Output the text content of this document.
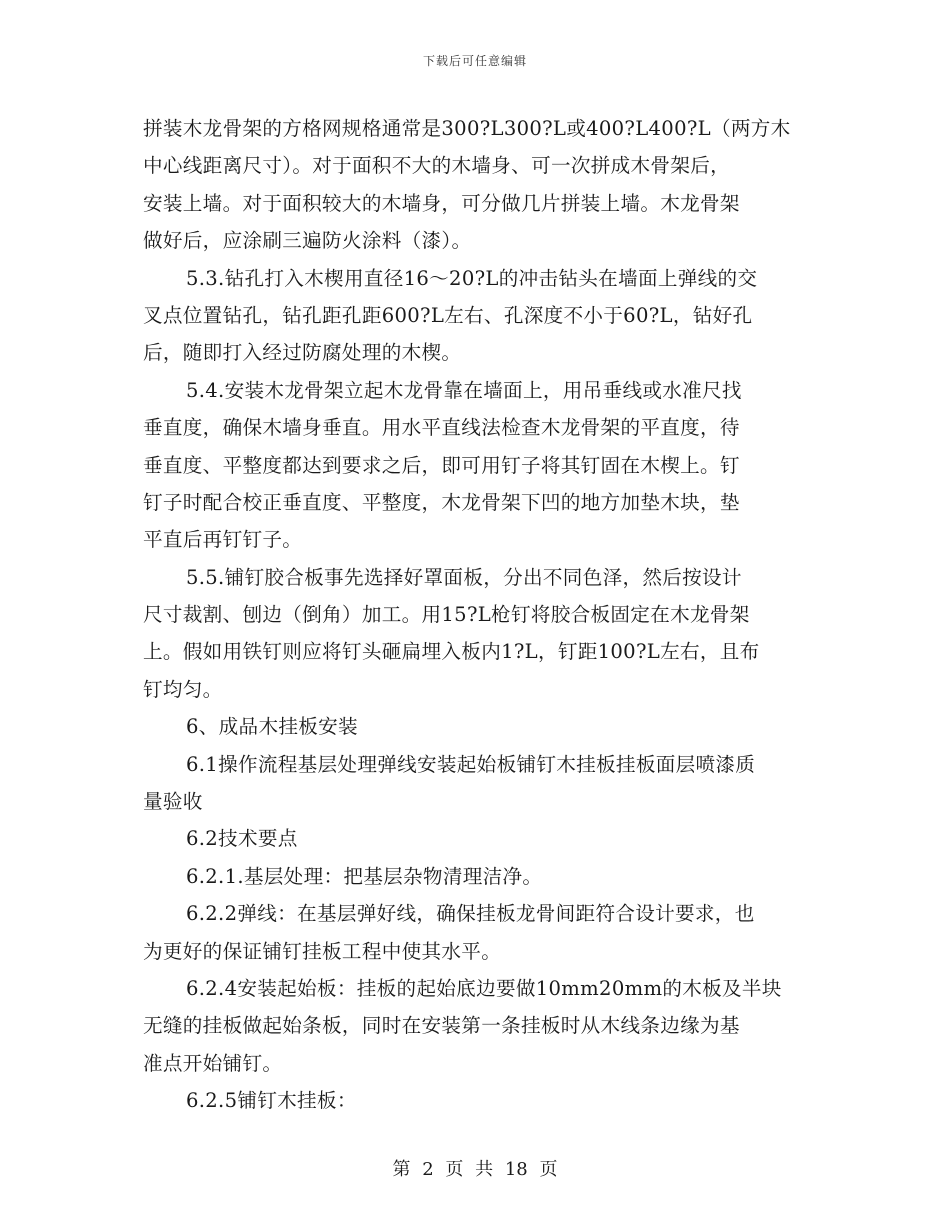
下载后可任意编辑
拼装木龙骨架的方格网规格通常是300?L300?L或400?L400?L（两方木
中心线距离尺寸）。对于面积不大的木墙身、可一次拼成木骨架后，
安装上墙。对于面积较大的木墙身，可分做几片拼装上墙。木龙骨架
做好后，应涂刷三遍防火涂料（漆）。
5.3.钻孔打入木楔用直径16～20?L的冲击钻头在墙面上弹线的交
叉点位置钻孔，钻孔距孔距600?L左右、孔深度不小于60?L，钻好孔
后，随即打入经过防腐处理的木楔。
5.4.安装木龙骨架立起木龙骨靠在墙面上，用吊垂线或水准尺找
垂直度，确保木墙身垂直。用水平直线法检查木龙骨架的平直度，待
垂直度、平整度都达到要求之后，即可用钉子将其钉固在木楔上。钉
钉子时配合校正垂直度、平整度，木龙骨架下凹的地方加垫木块，垫
平直后再钉钉子。
5.5.铺钉胶合板事先选择好罩面板，分出不同色泽，然后按设计
尺寸裁割、刨边（倒角）加工。用15?L枪钉将胶合板固定在木龙骨架
上。假如用铁钉则应将钉头砸扁埋入板内1?L，钉距100?L左右，且布
钉均匀。
6、成品木挂板安装
6.1操作流程基层处理弹线安装起始板铺钉木挂板挂板面层喷漆质
量验收
6.2技术要点
6.2.1.基层处理：把基层杂物清理洁净。
6.2.2弹线：在基层弹好线，确保挂板龙骨间距符合设计要求，也
为更好的保证铺钉挂板工程中使其水平。
6.2.4安装起始板：挂板的起始底边要做10mm20mm的木板及半块
无缝的挂板做起始条板，同时在安装第一条挂板时从木线条边缘为基
准点开始铺钉。
6.2.5铺钉木挂板：
第 2 页 共 18 页
